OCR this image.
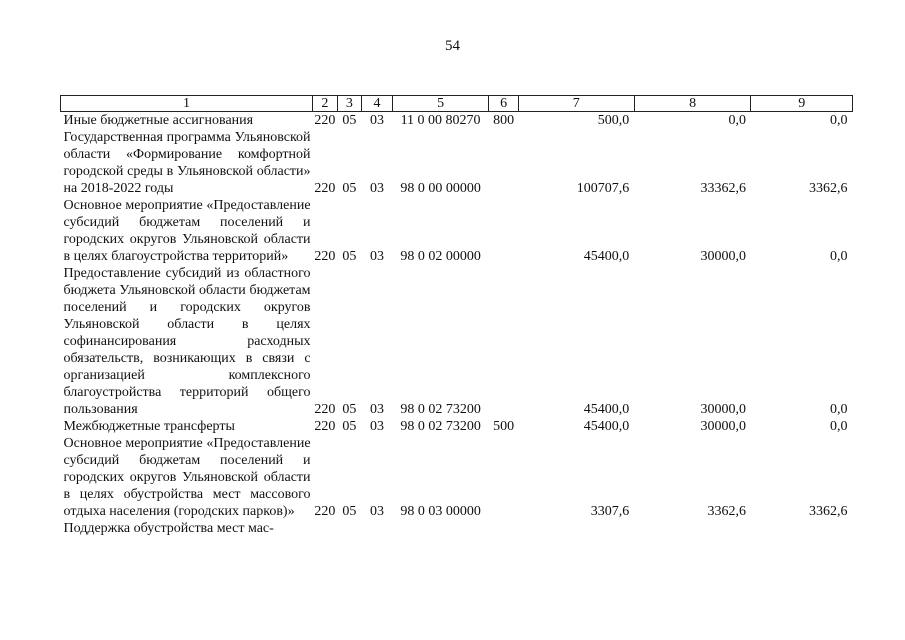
54
1	2	3	4	5	6	7	8	9
Иные бюджетные ассигнования	220	05	03	11 0 00 80270	800	500,0	0,0	0,0
Государственная программа Ульяновской области «Формирование комфортной городской среды в Ульяновской области» на 2018-2022 годы	220	05	03	98 0 00 00000		100707,6	33362,6	3362,6
Основное мероприятие «Предоставление субсидий бюджетам поселений и городских округов Ульяновской области в целях благоустройства территорий»	220	05	03	98 0 02 00000		45400,0	30000,0	0,0
Предоставление субсидий из областного бюджета Ульяновской области бюджетам поселений и городских округов Ульяновской области в целях софинансирования расходных обязательств, возникающих в связи с организацией комплексного благоустройства территорий общего пользования	220	05	03	98 0 02 73200		45400,0	30000,0	0,0
Межбюджетные трансферты	220	05	03	98 0 02 73200	500	45400,0	30000,0	0,0
Основное мероприятие «Предоставление субсидий бюджетам поселений и городских округов Ульяновской области в целях обустройства мест массового отдыха населения (городских парков)»	220	05	03	98 0 03 00000		3307,6	3362,6	3362,6
Поддержка обустройства мест мас-								
